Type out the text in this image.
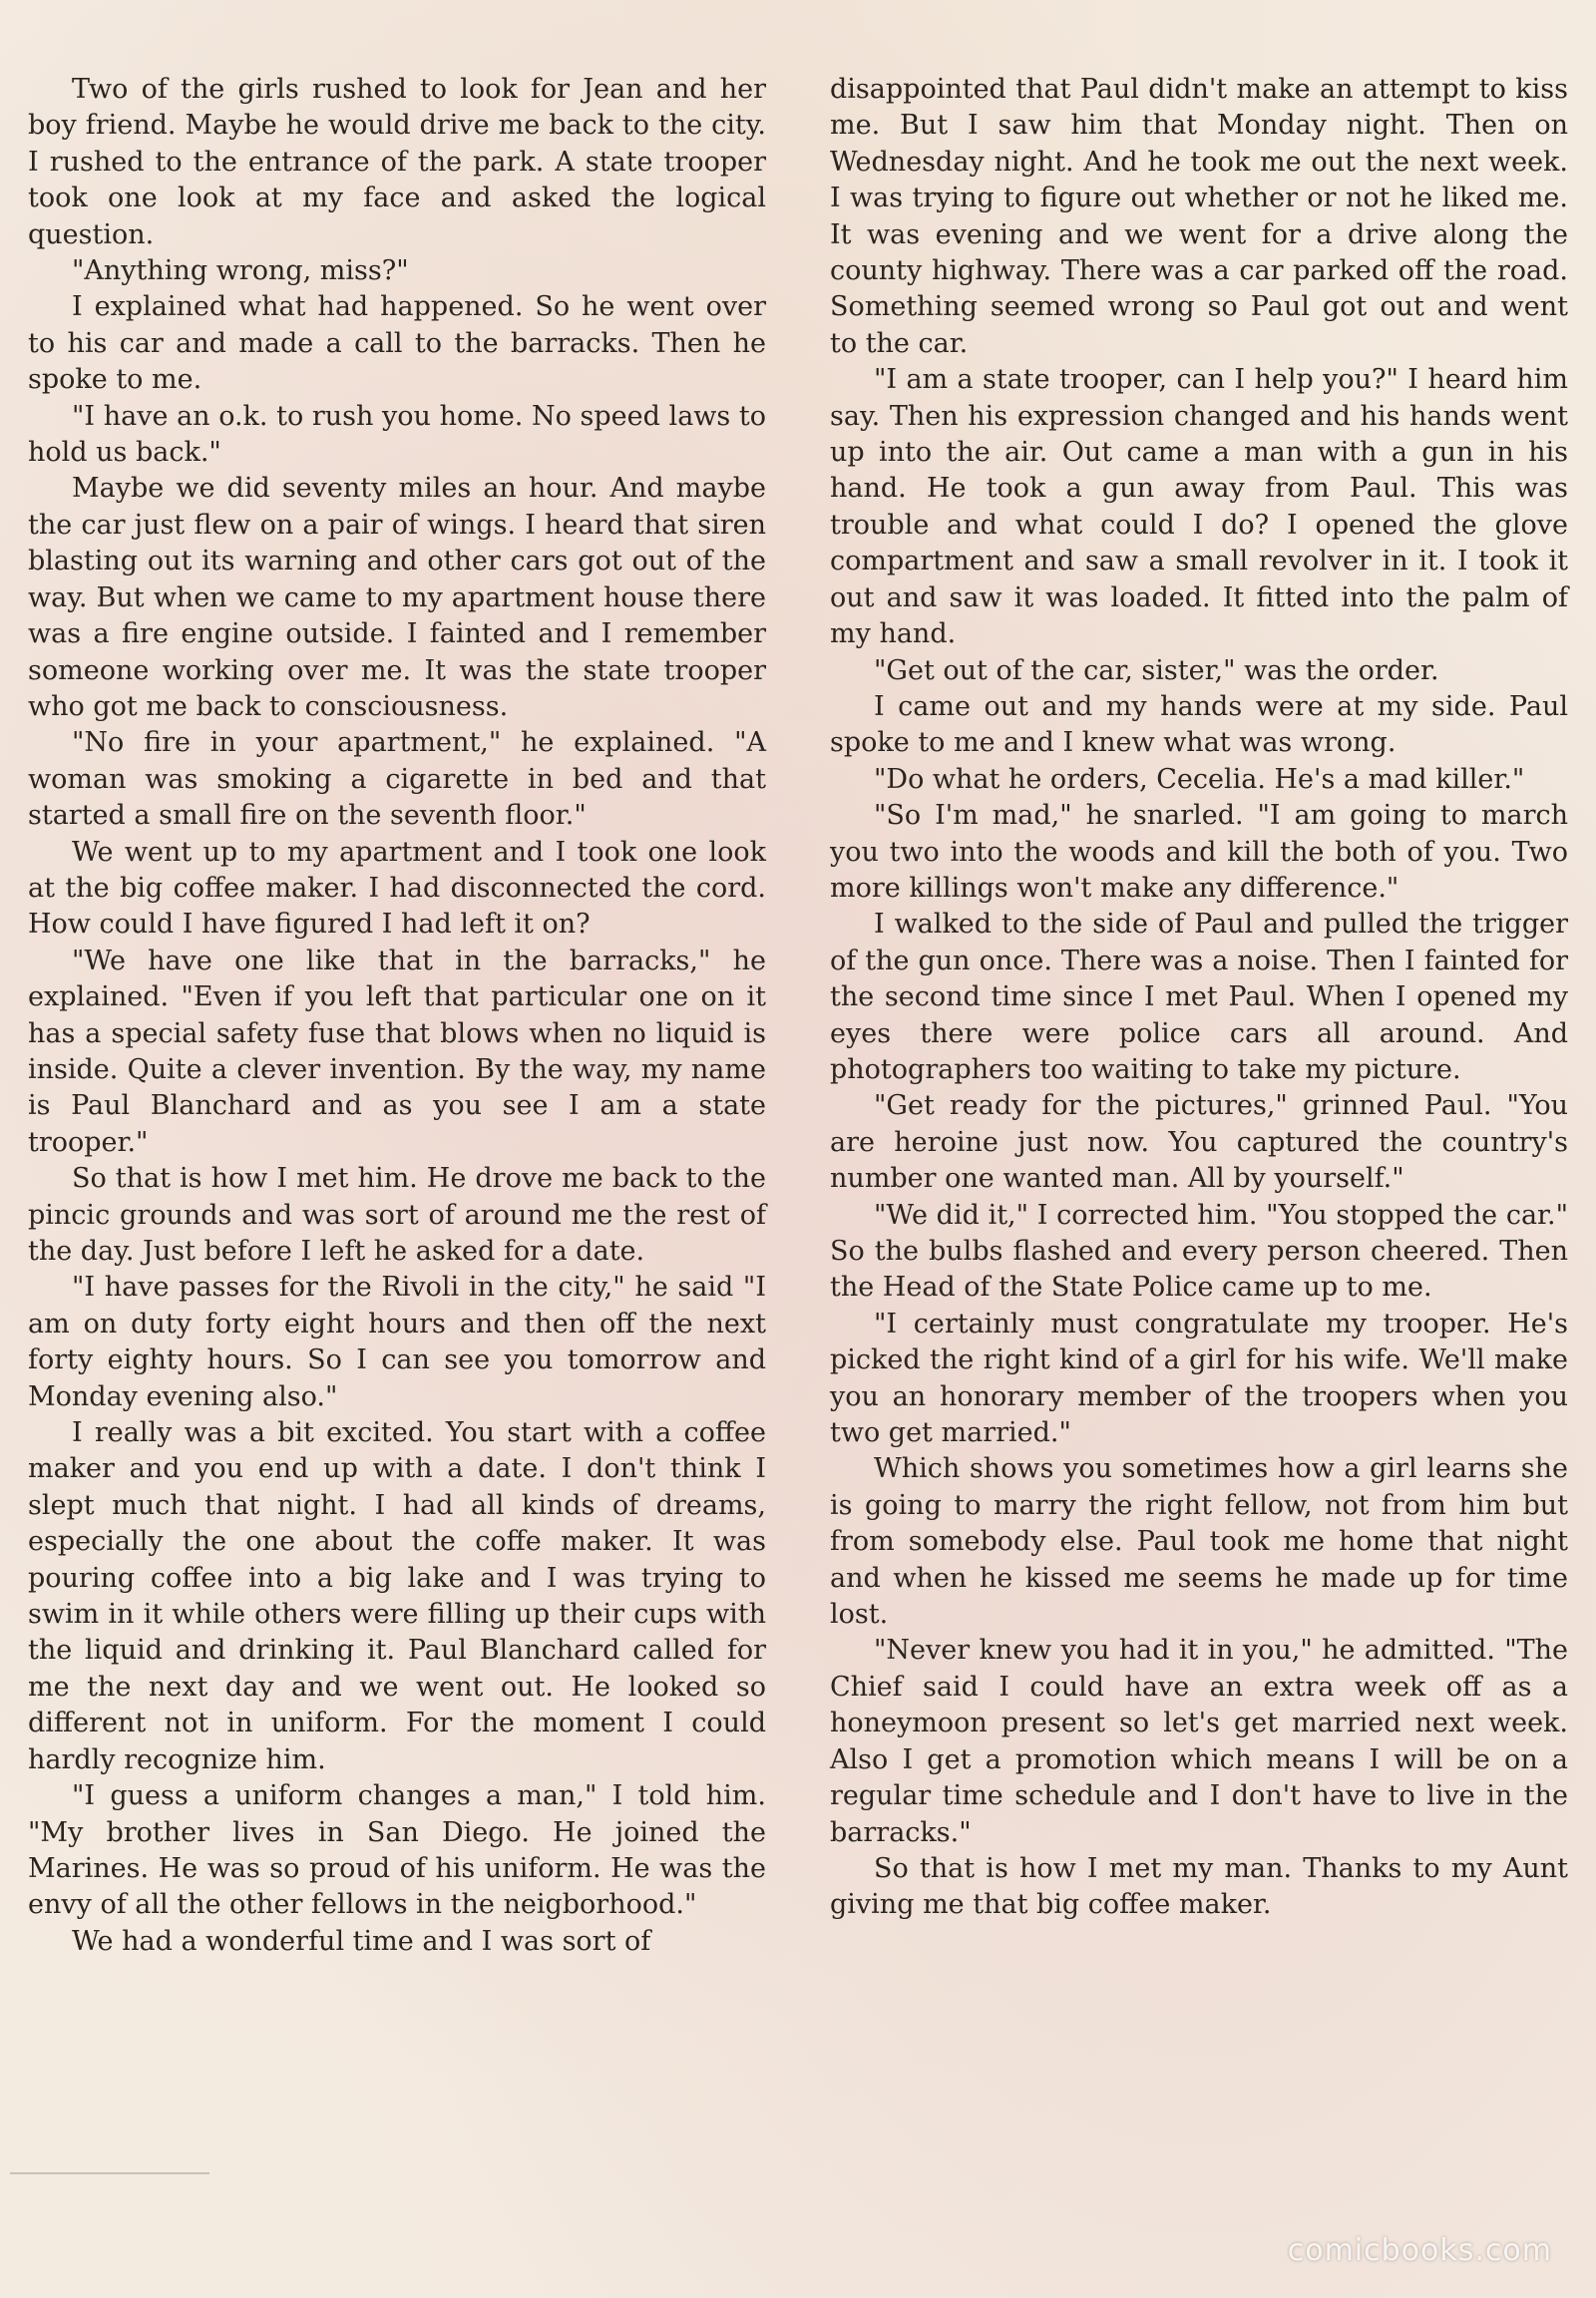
Two of the girls rushed to look for Jean and her boy friend. Maybe he would drive me back to the city. I rushed to the entrance of the park. A state trooper took one look at my face and asked the logical question.

"Anything wrong, miss?"

I explained what had happened. So he went over to his car and made a call to the barracks. Then he spoke to me.

"I have an o.k. to rush you home. No speed laws to hold us back."

Maybe we did seventy miles an hour. And maybe the car just flew on a pair of wings. I heard that siren blasting out its warning and other cars got out of the way. But when we came to my apartment house there was a fire engine outside. I fainted and I remember someone working over me. It was the state trooper who got me back to consciousness.

"No fire in your apartment," he explained. "A woman was smoking a cigarette in bed and that started a small fire on the seventh floor."

We went up to my apartment and I took one look at the big coffee maker. I had disconnected the cord. How could I have figured I had left it on?

"We have one like that in the barracks," he explained. "Even if you left that particular one on it has a special safety fuse that blows when no liquid is inside. Quite a clever invention. By the way, my name is Paul Blanchard and as you see I am a state trooper."

So that is how I met him. He drove me back to the pincic grounds and was sort of around me the rest of the day. Just before I left he asked for a date.

"I have passes for the Rivoli in the city," he said "I am on duty forty eight hours and then off the next forty eighty hours. So I can see you tomorrow and Monday evening also."

I really was a bit excited. You start with a coffee maker and you end up with a date. I don't think I slept much that night. I had all kinds of dreams, especially the one about the coffe maker. It was pouring coffee into a big lake and I was trying to swim in it while others were filling up their cups with the liquid and drinking it. Paul Blanchard called for me the next day and we went out. He looked so different not in uniform. For the moment I could hardly recognize him.

"I guess a uniform changes a man," I told him. "My brother lives in San Diego. He joined the Marines. He was so proud of his uniform. He was the envy of all the other fellows in the neigborhood."

We had a wonderful time and I was sort of

disappointed that Paul didn't make an attempt to kiss me. But I saw him that Monday night. Then on Wednesday night. And he took me out the next week. I was trying to figure out whether or not he liked me. It was evening and we went for a drive along the county highway. There was a car parked off the road. Something seemed wrong so Paul got out and went to the car.

"I am a state trooper, can I help you?" I heard him say. Then his expression changed and his hands went up into the air. Out came a man with a gun in his hand. He took a gun away from Paul. This was trouble and what could I do? I opened the glove compartment and saw a small revolver in it. I took it out and saw it was loaded. It fitted into the palm of my hand.

"Get out of the car, sister," was the order.

I came out and my hands were at my side. Paul spoke to me and I knew what was wrong.

"Do what he orders, Cecelia. He's a mad killer."

"So I'm mad," he snarled. "I am going to march you two into the woods and kill the both of you. Two more killings won't make any difference."

I walked to the side of Paul and pulled the trigger of the gun once. There was a noise. Then I fainted for the second time since I met Paul. When I opened my eyes there were police cars all around. And photographers too waiting to take my picture.

"Get ready for the pictures," grinned Paul. "You are heroine just now. You captured the country's number one wanted man. All by yourself."

"We did it," I corrected him. "You stopped the car." So the bulbs flashed and every person cheered. Then the Head of the State Police came up to me.

"I certainly must congratulate my trooper. He's picked the right kind of a girl for his wife. We'll make you an honorary member of the troopers when you two get married."

Which shows you sometimes how a girl learns she is going to marry the right fellow, not from him but from somebody else. Paul took me home that night and when he kissed me seems he made up for time lost.

"Never knew you had it in you," he admitted. "The Chief said I could have an extra week off as a honeymoon present so let's get married next week. Also I get a promotion which means I will be on a regular time schedule and I don't have to live in the barracks."

So that is how I met my man. Thanks to my Aunt giving me that big coffee maker.

comicbooks.com
